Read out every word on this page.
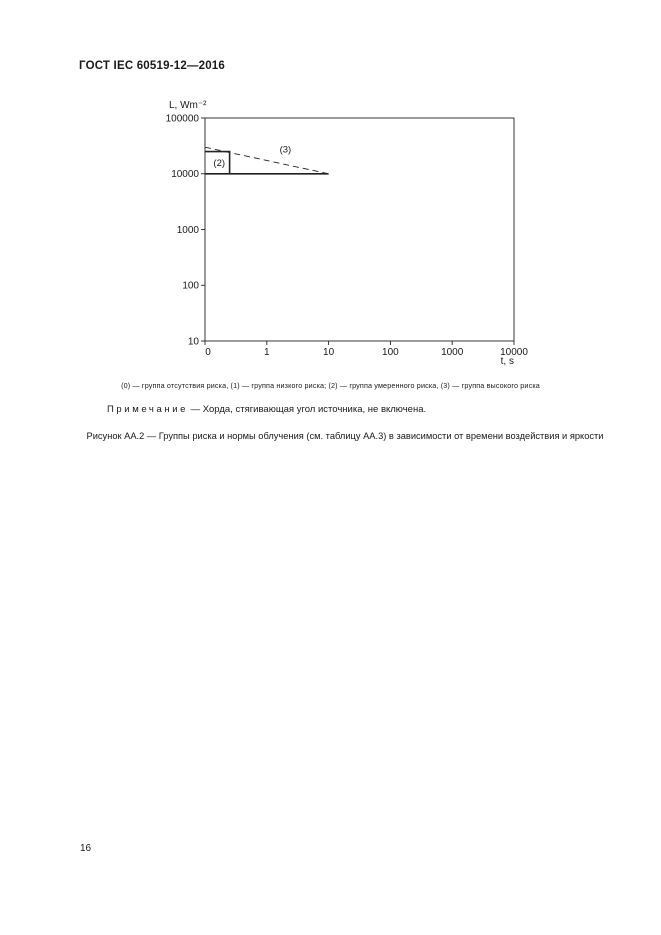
ГОСТ IEC 60519-12—2016
100000
10000
1000
100
10
0	1	10	100	1000	10000
(2)
(3)
L, Wm⁻²
t, s
(0) — группа отсутствия риска, (1) — группа низкого риска; (2) — группа умеренного риска, (3) — группа высокого риска
Примечание — Хорда, стягивающая угол источника, не включена.
Рисунок АА.2 — Группы риска и нормы облучения (см. таблицу АА.3) в зависимости от времени воздействия и яркости
16
